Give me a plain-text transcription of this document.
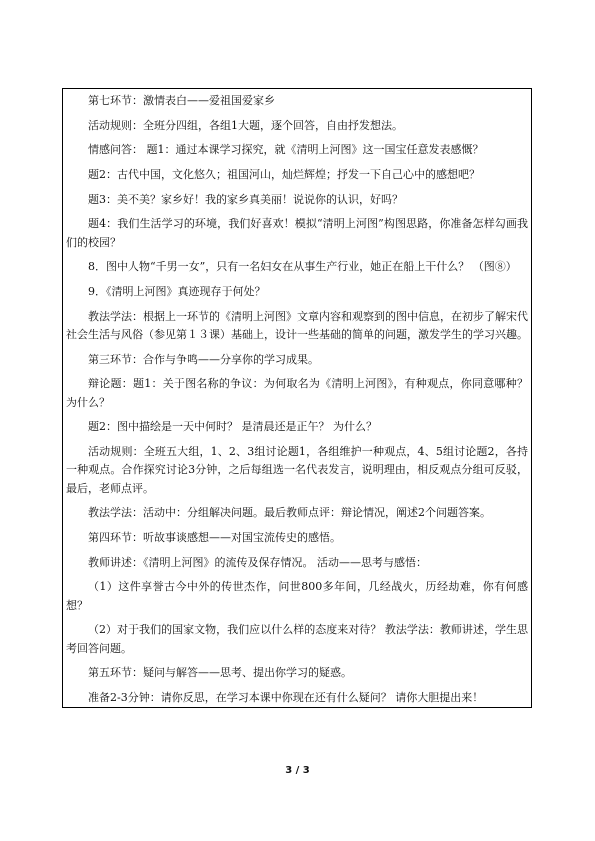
第七环节：激情表白——爱祖国爱家乡

活动规则：全班分四组，各组1大题，逐个回答，自由抒发想法。

情感问答： 题1：通过本课学习探究，就《清明上河图》这一国宝任意发表感慨？

题2：古代中国，文化悠久；祖国河山，灿烂辉煌；抒发一下自己心中的感想吧？

题3：美不美？家乡好！我的家乡真美丽！说说你的认识，好吗？

题4：我们生活学习的环境，我们好喜欢！模拟“清明上河图”构图思路，你准备怎样勾画我们的校园？

8．图中人物“千男一女”，只有一名妇女在从事生产行业，她正在船上干什么？ （图⑧）

9．《清明上河图》真迹现存于何处？

教法学法：根据上一环节的《清明上河图》文章内容和观察到的图中信息，在初步了解宋代社会生活与风俗（参见第１３课）基础上，设计一些基础的简单的问题，激发学生的学习兴趣。

第三环节：合作与争鸣——分享你的学习成果。

辩论题：题1：关于图名称的争议：为何取名为《清明上河图》，有种观点，你同意哪种？为什么？

题2：图中描绘是一天中何时？ 是清晨还是正午？ 为什么？

活动规则：全班五大组，1、2、3组讨论题1，各组维护一种观点，4、5组讨论题2，各持一种观点。合作探究讨论3分钟，之后每组选一名代表发言，说明理由，相反观点分组可反驳，最后，老师点评。

教法学法：活动中：分组解决问题。最后教师点评：辩论情况，阐述2个问题答案。

第四环节：听故事谈感想——对国宝流传史的感悟。

教师讲述：《清明上河图》的流传及保存情况。 活动——思考与感悟：

（1）这件享誉古今中外的传世杰作，问世800多年间，几经战火，历经劫难，你有何感想？

（2）对于我们的国家文物，我们应以什么样的态度来对待？ 教法学法：教师讲述，学生思考回答问题。

第五环节：疑问与解答——思考、提出你学习的疑惑。

准备2-3分钟：请你反思，在学习本课中你现在还有什么疑问？ 请你大胆提出来！

3 / 3
